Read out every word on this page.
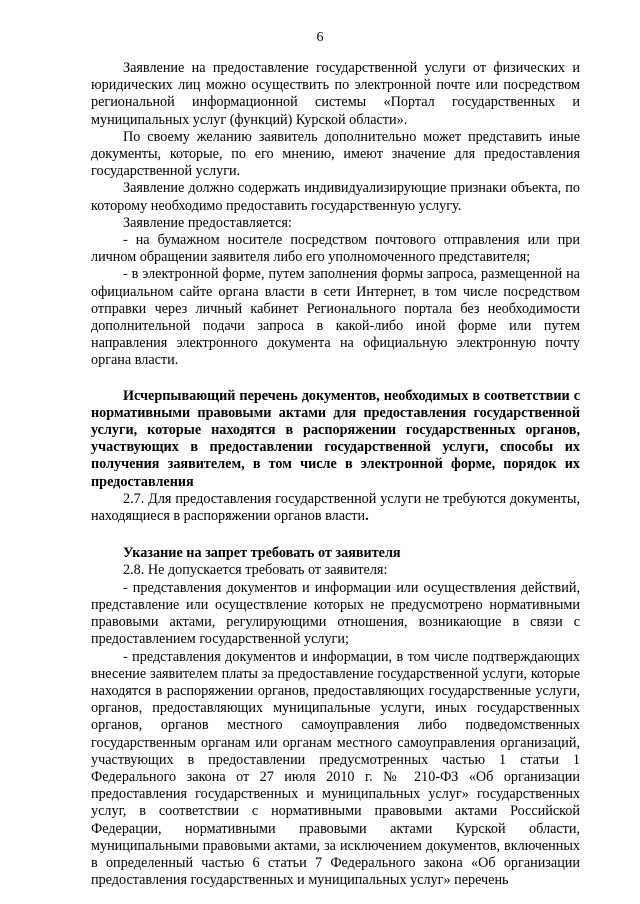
6

Заявление на предоставление государственной услуги от физических и юридических лиц можно осуществить по электронной почте или посредством региональной информационной системы «Портал государственных и муниципальных услуг (функций) Курской области».

По своему желанию заявитель дополнительно может представить иные документы, которые, по его мнению, имеют значение для предоставления государственной услуги.

Заявление должно содержать индивидуализирующие признаки объекта, по которому необходимо предоставить государственную услугу.

Заявление предоставляется:

- на бумажном носителе посредством почтового отправления или при личном обращении заявителя либо его уполномоченного представителя;

- в электронной форме, путем заполнения формы запроса, размещенной на официальном сайте органа власти в сети Интернет, в том числе посредством отправки через личный кабинет Регионального портала без необходимости дополнительной подачи запроса в какой-либо иной форме или путем направления электронного документа на официальную электронную почту органа власти.

Исчерпывающий перечень документов, необходимых в соответствии с нормативными правовыми актами для предоставления государственной услуги, которые находятся в распоряжении государственных органов, участвующих в предоставлении государственной услуги, способы их получения заявителем, в том числе в электронной форме, порядок их предоставления

2.7. Для предоставления государственной услуги не требуются документы, находящиеся в распоряжении органов власти.

Указание на запрет требовать от заявителя

2.8. Не допускается требовать от заявителя:

- представления документов и информации или осуществления действий, представление или осуществление которых не предусмотрено нормативными правовыми актами, регулирующими отношения, возникающие в связи с предоставлением государственной услуги;

- представления документов и информации, в том числе подтверждающих внесение заявителем платы за предоставление государственной услуги, которые находятся в распоряжении органов, предоставляющих государственные услуги, органов, предоставляющих муниципальные услуги, иных государственных органов, органов местного самоуправления либо подведомственных государственным органам или органам местного самоуправления организаций, участвующих в предоставлении предусмотренных частью 1 статьи 1 Федерального закона от 27 июля 2010 г. № 210-ФЗ «Об организации предоставления государственных и муниципальных услуг» государственных услуг, в соответствии с нормативными правовыми актами Российской Федерации, нормативными правовыми актами Курской области, муниципальными правовыми актами, за исключением документов, включенных в определенный частью 6 статьи 7 Федерального закона «Об организации предоставления государственных и муниципальных услуг» перечень
